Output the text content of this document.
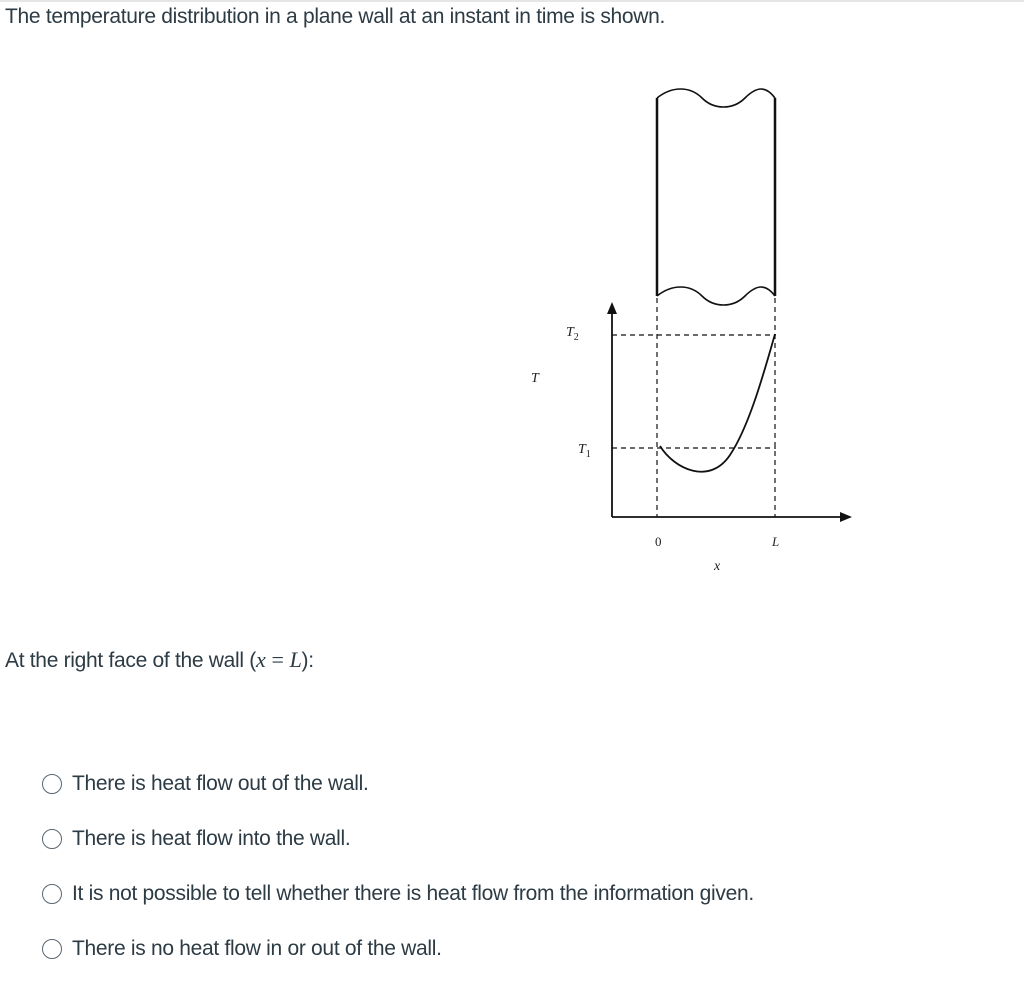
The temperature distribution in a plane wall at an instant in time is shown.
$T_2$
$T_1$
T
0	L
x
At the right face of the wall (x = L):
There is heat flow out of the wall.
There is heat flow into the wall.
It is not possible to tell whether there is heat flow from the information given.
There is no heat flow in or out of the wall.
